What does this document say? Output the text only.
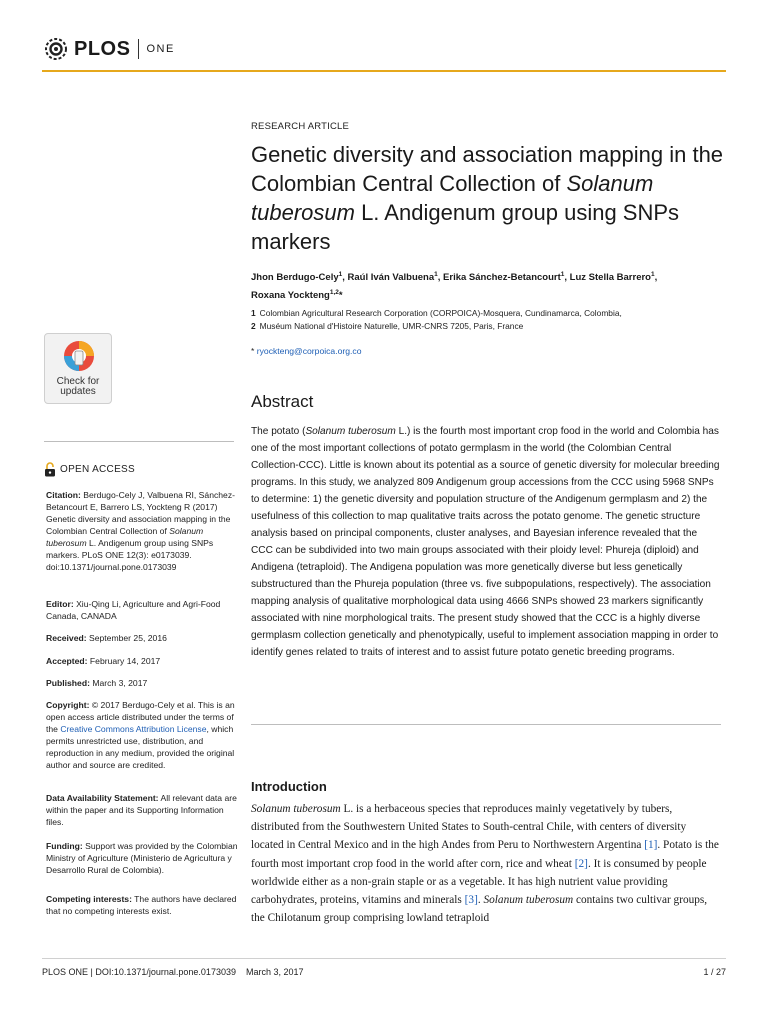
PLOS ONE
Check for updates
OPEN ACCESS
Citation: Berdugo-Cely J, Valbuena RI, Sánchez-Betancourt E, Barrero LS, Yockteng R (2017) Genetic diversity and association mapping in the Colombian Central Collection of Solanum tuberosum L. Andigenum group using SNPs markers. PLoS ONE 12(3): e0173039. doi:10.1371/journal.pone.0173039
Editor: Xiu-Qing Li, Agriculture and Agri-Food Canada, CANADA
Received: September 25, 2016
Accepted: February 14, 2017
Published: March 3, 2017
Copyright: © 2017 Berdugo-Cely et al. This is an open access article distributed under the terms of the Creative Commons Attribution License, which permits unrestricted use, distribution, and reproduction in any medium, provided the original author and source are credited.
Data Availability Statement: All relevant data are within the paper and its Supporting Information files.
Funding: Support was provided by the Colombian Ministry of Agriculture (Ministerio de Agricultura y Desarrollo Rural de Colombia).
Competing interests: The authors have declared that no competing interests exist.
RESEARCH ARTICLE
Genetic diversity and association mapping in the Colombian Central Collection of Solanum tuberosum L. Andigenum group using SNPs markers
Jhon Berdugo-Cely$^1$, Raúl Iván Valbuena$^1$, Erika Sánchez-Betancourt$^1$, Luz Stella Barrero$^1$, Roxana Yockteng$^{1,2}$*
1 Colombian Agricultural Research Corporation (CORPOICA)-Mosquera, Cundinamarca, Colombia,
2 Muséum National d'Histoire Naturelle, UMR-CNRS 7205, Paris, France
* ryockteng@corpoica.org.co
Abstract

The potato (Solanum tuberosum L.) is the fourth most important crop food in the world and Colombia has one of the most important collections of potato germplasm in the world (the Colombian Central Collection-CCC). Little is known about its potential as a source of genetic diversity for molecular breeding programs. In this study, we analyzed 809 Andigenum group accessions from the CCC using 5968 SNPs to determine: 1) the genetic diversity and population structure of the Andigenum germplasm and 2) the usefulness of this collection to map qualitative traits across the potato genome. The genetic structure analysis based on principal components, cluster analyses, and Bayesian inference revealed that the CCC can be subdivided into two main groups associated with their ploidy level: Phureja (diploid) and Andigena (tetraploid). The Andigena population was more genetically diverse but less genetically substructured than the Phureja population (three vs. five subpopulations, respectively). The association mapping analysis of qualitative morphological data using 4666 SNPs showed 23 markers significantly associated with nine morphological traits. The present study showed that the CCC is a highly diverse germplasm collection genetically and phenotypically, useful to implement association mapping in order to identify genes related to traits of interest and to assist future potato genetic breeding programs.

Introduction

Solanum tuberosum L. is a herbaceous species that reproduces mainly vegetatively by tubers, distributed from the Southwestern United States to South-central Chile, with centers of diversity located in Central Mexico and in the high Andes from Peru to Northwestern Argentina [1]. Potato is the fourth most important crop food in the world after corn, rice and wheat [2]. It is consumed by people worldwide either as a non-grain staple or as a vegetable. It has high nutrient value providing carbohydrates, proteins, vitamins and minerals [3]. Solanum tuberosum contains two cultivar groups, the Chilotanum group comprising lowland tetraploid

PLOS ONE | DOI:10.1371/journal.pone.0173039    March 3, 2017	1 / 27
